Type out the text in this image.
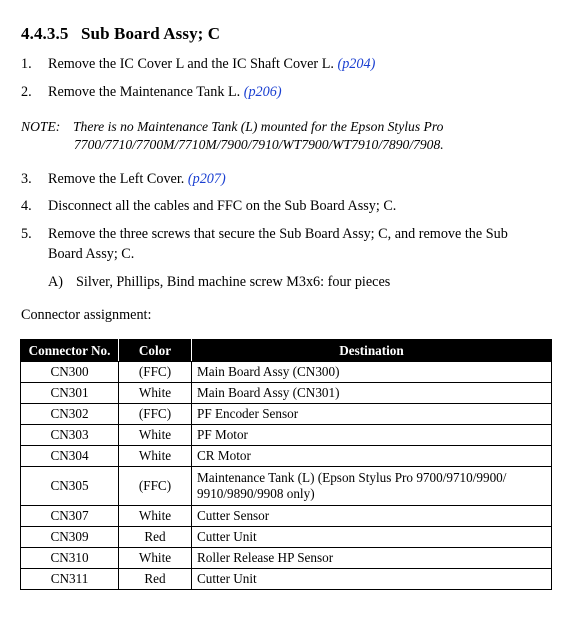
4.4.3.5 Sub Board Assy; C
1.	Remove the IC Cover L and the IC Shaft Cover L. (p204)
2.	Remove the Maintenance Tank L. (p206)
NOTE: There is no Maintenance Tank (L) mounted for the Epson Stylus Pro
7700/7710/7700M/7710M/7900/7910/WT7900/WT7910/7890/7908.
3.	Remove the Left Cover. (p207)
4.	Disconnect all the cables and FFC on the Sub Board Assy; C.
5.	Remove the three screws that secure the Sub Board Assy; C, and remove the Sub
Board Assy; C.
A) Silver, Phillips, Bind machine screw M3x6: four pieces
Connector assignment:
Connector No.	Color	Destination
CN300	(FFC)	Main Board Assy (CN300)
CN301	White	Main Board Assy (CN301)
CN302	(FFC)	PF Encoder Sensor
CN303	White	PF Motor
CN304	White	CR Motor
CN305	(FFC)	Maintenance Tank (L) (Epson Stylus Pro 9700/9710/9900/
9910/9890/9908 only)

CN307	White	Cutter Sensor
CN309	Red	Cutter Unit
CN310	White	Roller Release HP Sensor
CN311	Red	Cutter Unit
